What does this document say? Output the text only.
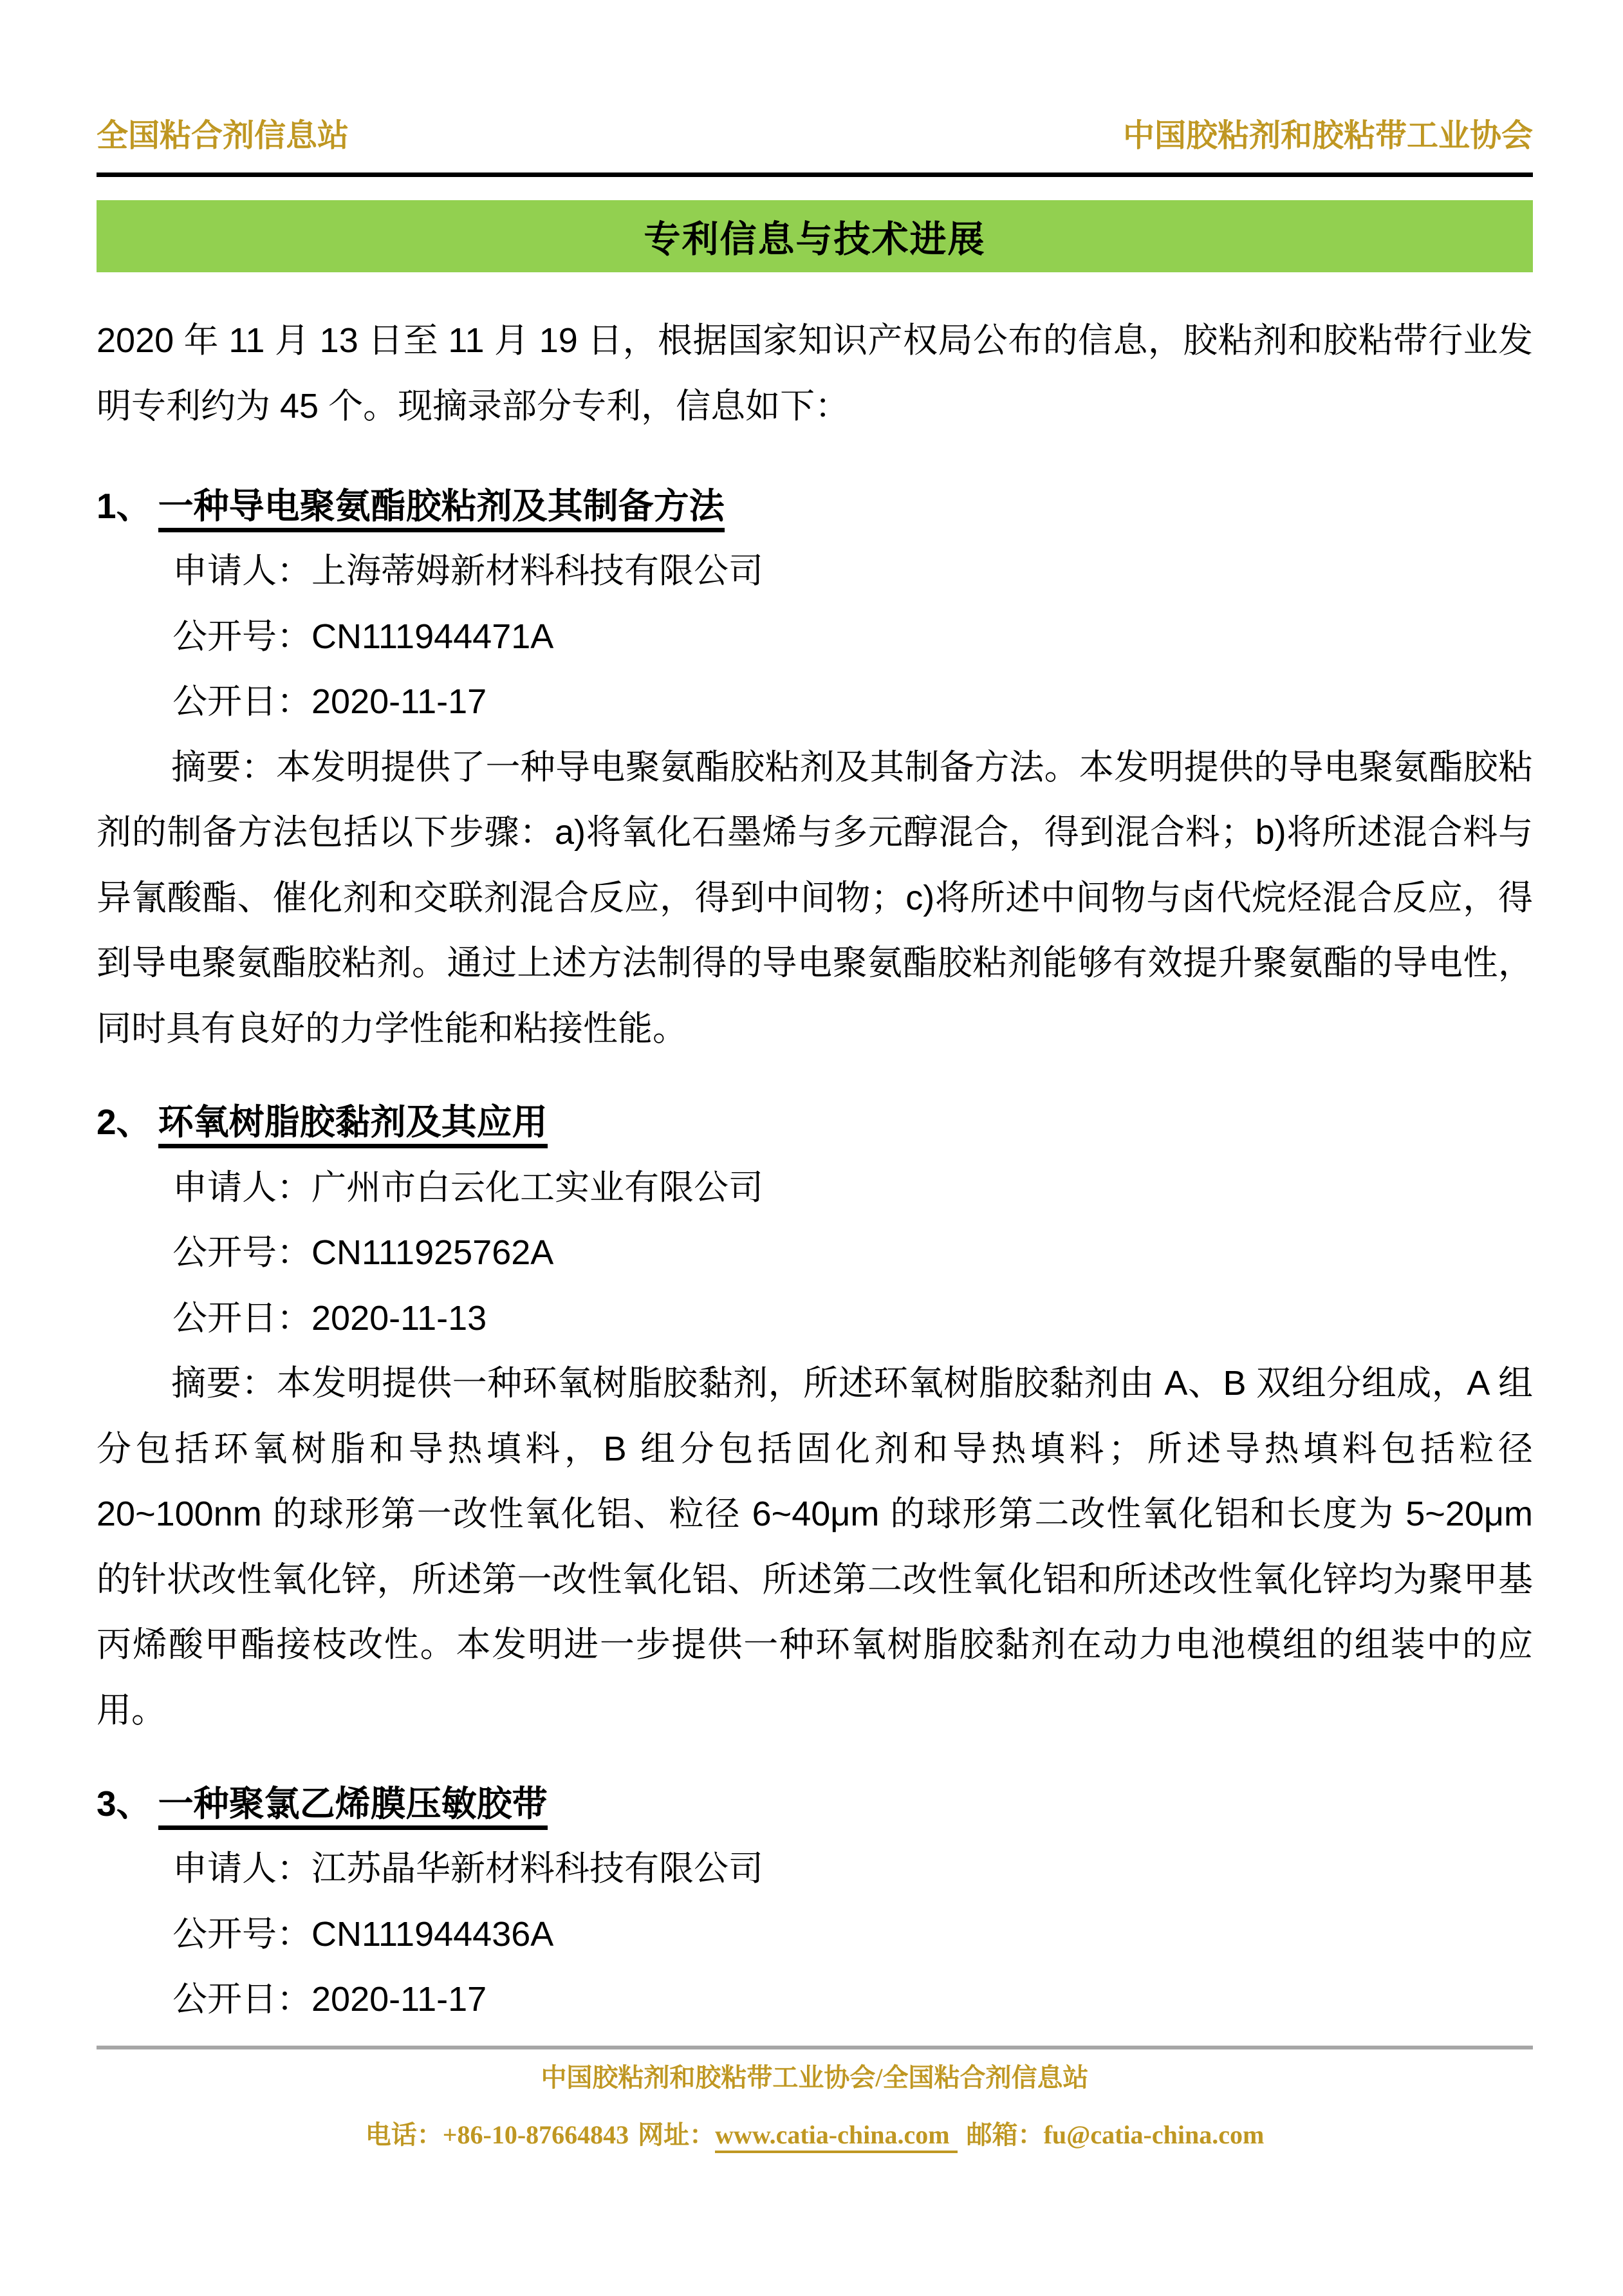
全国粘合剂信息站	中国胶粘剂和胶粘带工业协会
专利信息与技术进展

2020 年 11 月 13 日至 11 月 19 日，根据国家知识产权局公布的信息，胶粘剂和胶粘带行业发明专利约为 45 个。现摘录部分专利，信息如下：

1、 一种导电聚氨酯胶粘剂及其制备方法
申请人：上海蒂姆新材料科技有限公司
公开号：CN111944471A
公开日：2020-11-17

摘要：本发明提供了一种导电聚氨酯胶粘剂及其制备方法。本发明提供的导电聚氨酯胶粘剂的制备方法包括以下步骤：a)将氧化石墨烯与多元醇混合，得到混合料；b)将所述混合料与异氰酸酯、催化剂和交联剂混合反应，得到中间物；c)将所述中间物与卤代烷烃混合反应，得到导电聚氨酯胶粘剂。通过上述方法制得的导电聚氨酯胶粘剂能够有效提升聚氨酯的导电性，同时具有良好的力学性能和粘接性能。

2、 环氧树脂胶黏剂及其应用
申请人：广州市白云化工实业有限公司
公开号：CN111925762A
公开日：2020-11-13

摘要：本发明提供一种环氧树脂胶黏剂，所述环氧树脂胶黏剂由 A、B 双组分组成，A 组分包括环氧树脂和导热填料，B 组分包括固化剂和导热填料；所述导热填料包括粒径 20~100nm 的球形第一改性氧化铝、粒径 6~40μm 的球形第二改性氧化铝和长度为 5~20μm 的针状改性氧化锌，所述第一改性氧化铝、所述第二改性氧化铝和所述改性氧化锌均为聚甲基丙烯酸甲酯接枝改性。本发明进一步提供一种环氧树脂胶黏剂在动力电池模组的组装中的应用。

3、 一种聚氯乙烯膜压敏胶带
申请人：江苏晶华新材料科技有限公司
公开号：CN111944436A
公开日：2020-11-17
中国胶粘剂和胶粘带工业协会/全国粘合剂信息站
电话：+86-10-87664843 网址：www.catia-china.com 邮箱：fu@catia-china.com
